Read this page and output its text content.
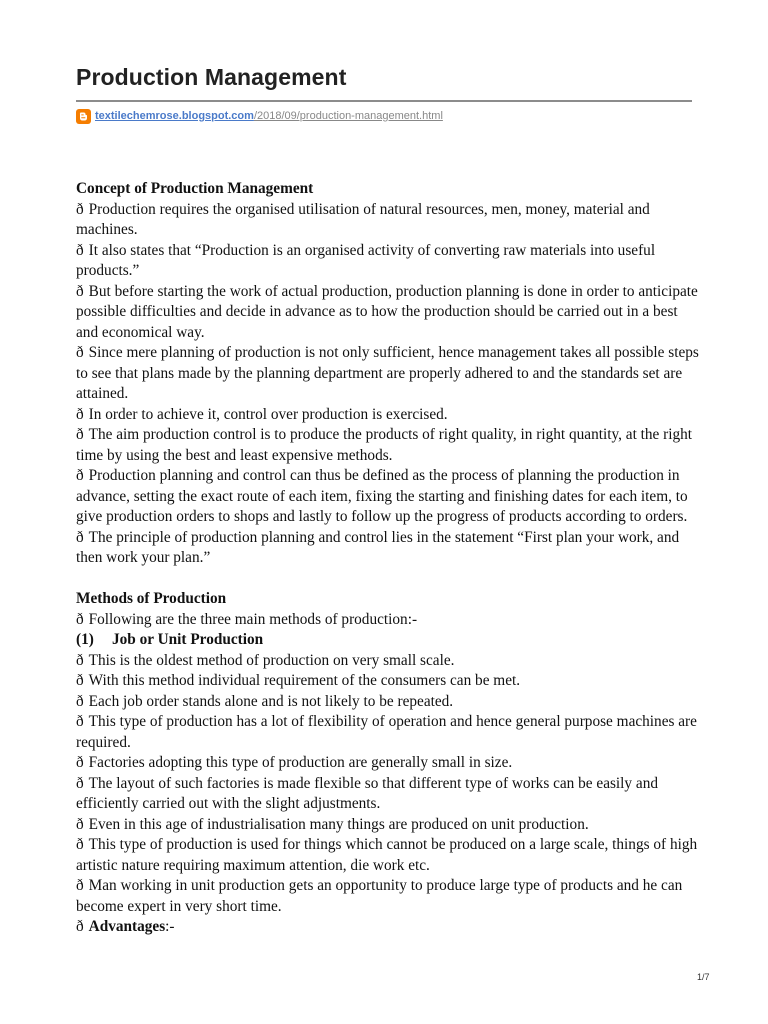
Production Management
textilechemrose.blogspot.com/2018/09/production-management.html

Concept of Production Management

ð Production requires the organised utilisation of natural resources, men, money, material and machines.

ð It also states that “Production is an organised activity of converting raw materials into useful products.”

ð But before starting the work of actual production, production planning is done in order to anticipate possible difficulties and decide in advance as to how the production should be carried out in a best and economical way.

ð Since mere planning of production is not only sufficient, hence management takes all possible steps to see that plans made by the planning department are properly adhered to and the standards set are attained.

ð In order to achieve it, control over production is exercised.

ð The aim production control is to produce the products of right quality, in right quantity, at the right time by using the best and least expensive methods.

ð Production planning and control can thus be defined as the process of planning the production in advance, setting the exact route of each item, fixing the starting and finishing dates for each item, to give production orders to shops and lastly to follow up the progress of products according to orders.

ð The principle of production planning and control lies in the statement “First plan your work, and then work your plan.”

Methods of Production

ð Following are the three main methods of production:-

(1) Job or Unit Production

ð This is the oldest method of production on very small scale.

ð With this method individual requirement of the consumers can be met.

ð Each job order stands alone and is not likely to be repeated.

ð This type of production has a lot of flexibility of operation and hence general purpose machines are required.

ð Factories adopting this type of production are generally small in size.

ð The layout of such factories is made flexible so that different type of works can be easily and efficiently carried out with the slight adjustments.

ð Even in this age of industrialisation many things are produced on unit production.

ð This type of production is used for things which cannot be produced on a large scale, things of high artistic nature requiring maximum attention, die work etc.

ð Man working in unit production gets an opportunity to produce large type of products and he can become expert in very short time.

ð Advantages:-

1/7
